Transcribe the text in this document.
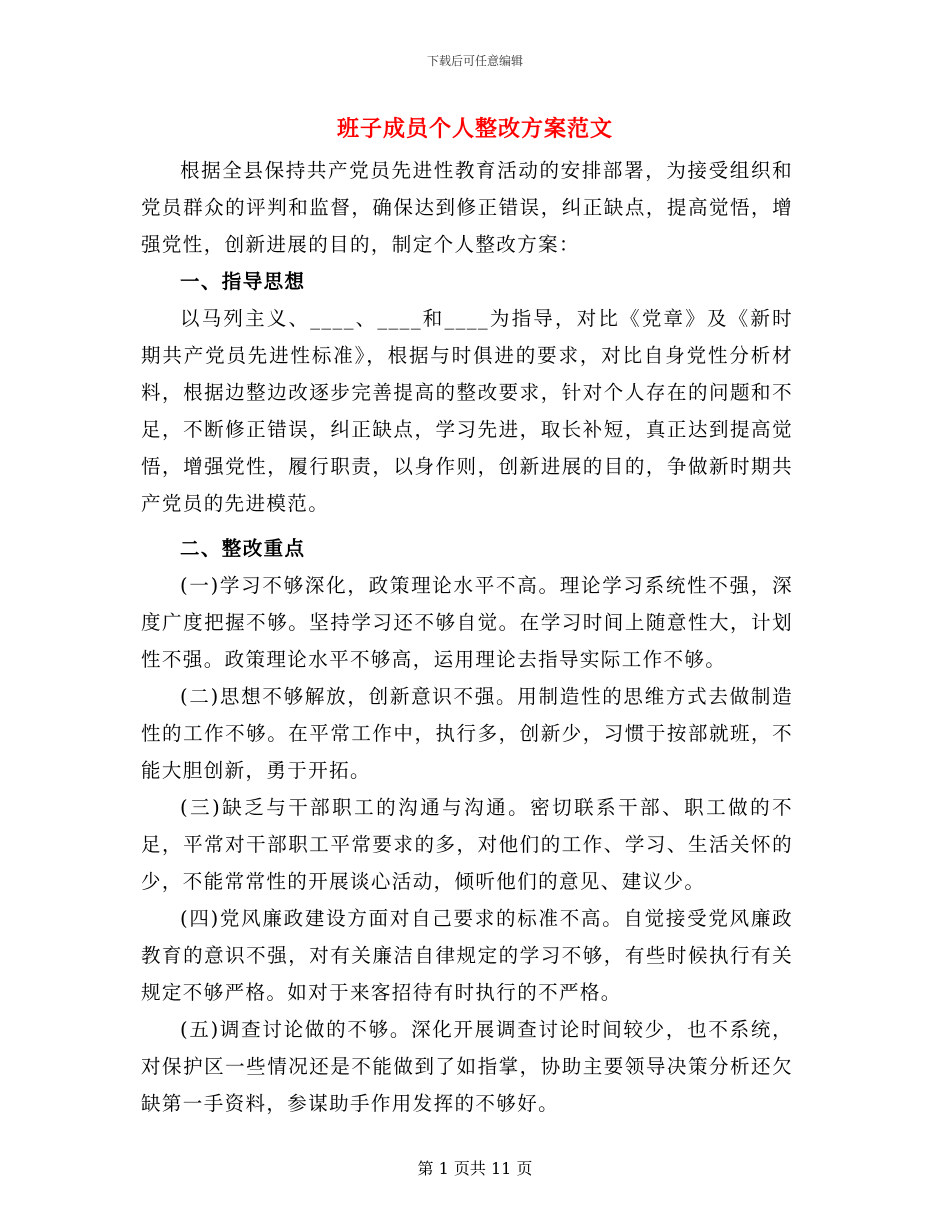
下载后可任意编辑
班子成员个人整改方案范文

根据全县保持共产党员先进性教育活动的安排部署，为接受组织和党员群众的评判和监督，确保达到修正错误，纠正缺点，提高觉悟，增强党性，创新进展的目的，制定个人整改方案：

一、指导思想

以马列主义、____、____和____为指导，对比《党章》及《新时期共产党员先进性标准》，根据与时俱进的要求，对比自身党性分析材料，根据边整边改逐步完善提高的整改要求，针对个人存在的问题和不足，不断修正错误，纠正缺点，学习先进，取长补短，真正达到提高觉悟，增强党性，履行职责，以身作则，创新进展的目的，争做新时期共产党员的先进模范。

二、整改重点

(一)学习不够深化，政策理论水平不高。理论学习系统性不强，深度广度把握不够。坚持学习还不够自觉。在学习时间上随意性大，计划性不强。政策理论水平不够高，运用理论去指导实际工作不够。

(二)思想不够解放，创新意识不强。用制造性的思维方式去做制造性的工作不够。在平常工作中，执行多，创新少，习惯于按部就班，不能大胆创新，勇于开拓。

(三)缺乏与干部职工的沟通与沟通。密切联系干部、职工做的不足，平常对干部职工平常要求的多，对他们的工作、学习、生活关怀的少，不能常常性的开展谈心活动，倾听他们的意见、建议少。

(四)党风廉政建设方面对自己要求的标准不高。自觉接受党风廉政教育的意识不强，对有关廉洁自律规定的学习不够，有些时候执行有关规定不够严格。如对于来客招待有时执行的不严格。

(五)调查讨论做的不够。深化开展调查讨论时间较少，也不系统，对保护区一些情况还是不能做到了如指掌，协助主要领导决策分析还欠缺第一手资料，参谋助手作用发挥的不够好。

第 1 页共 11 页
